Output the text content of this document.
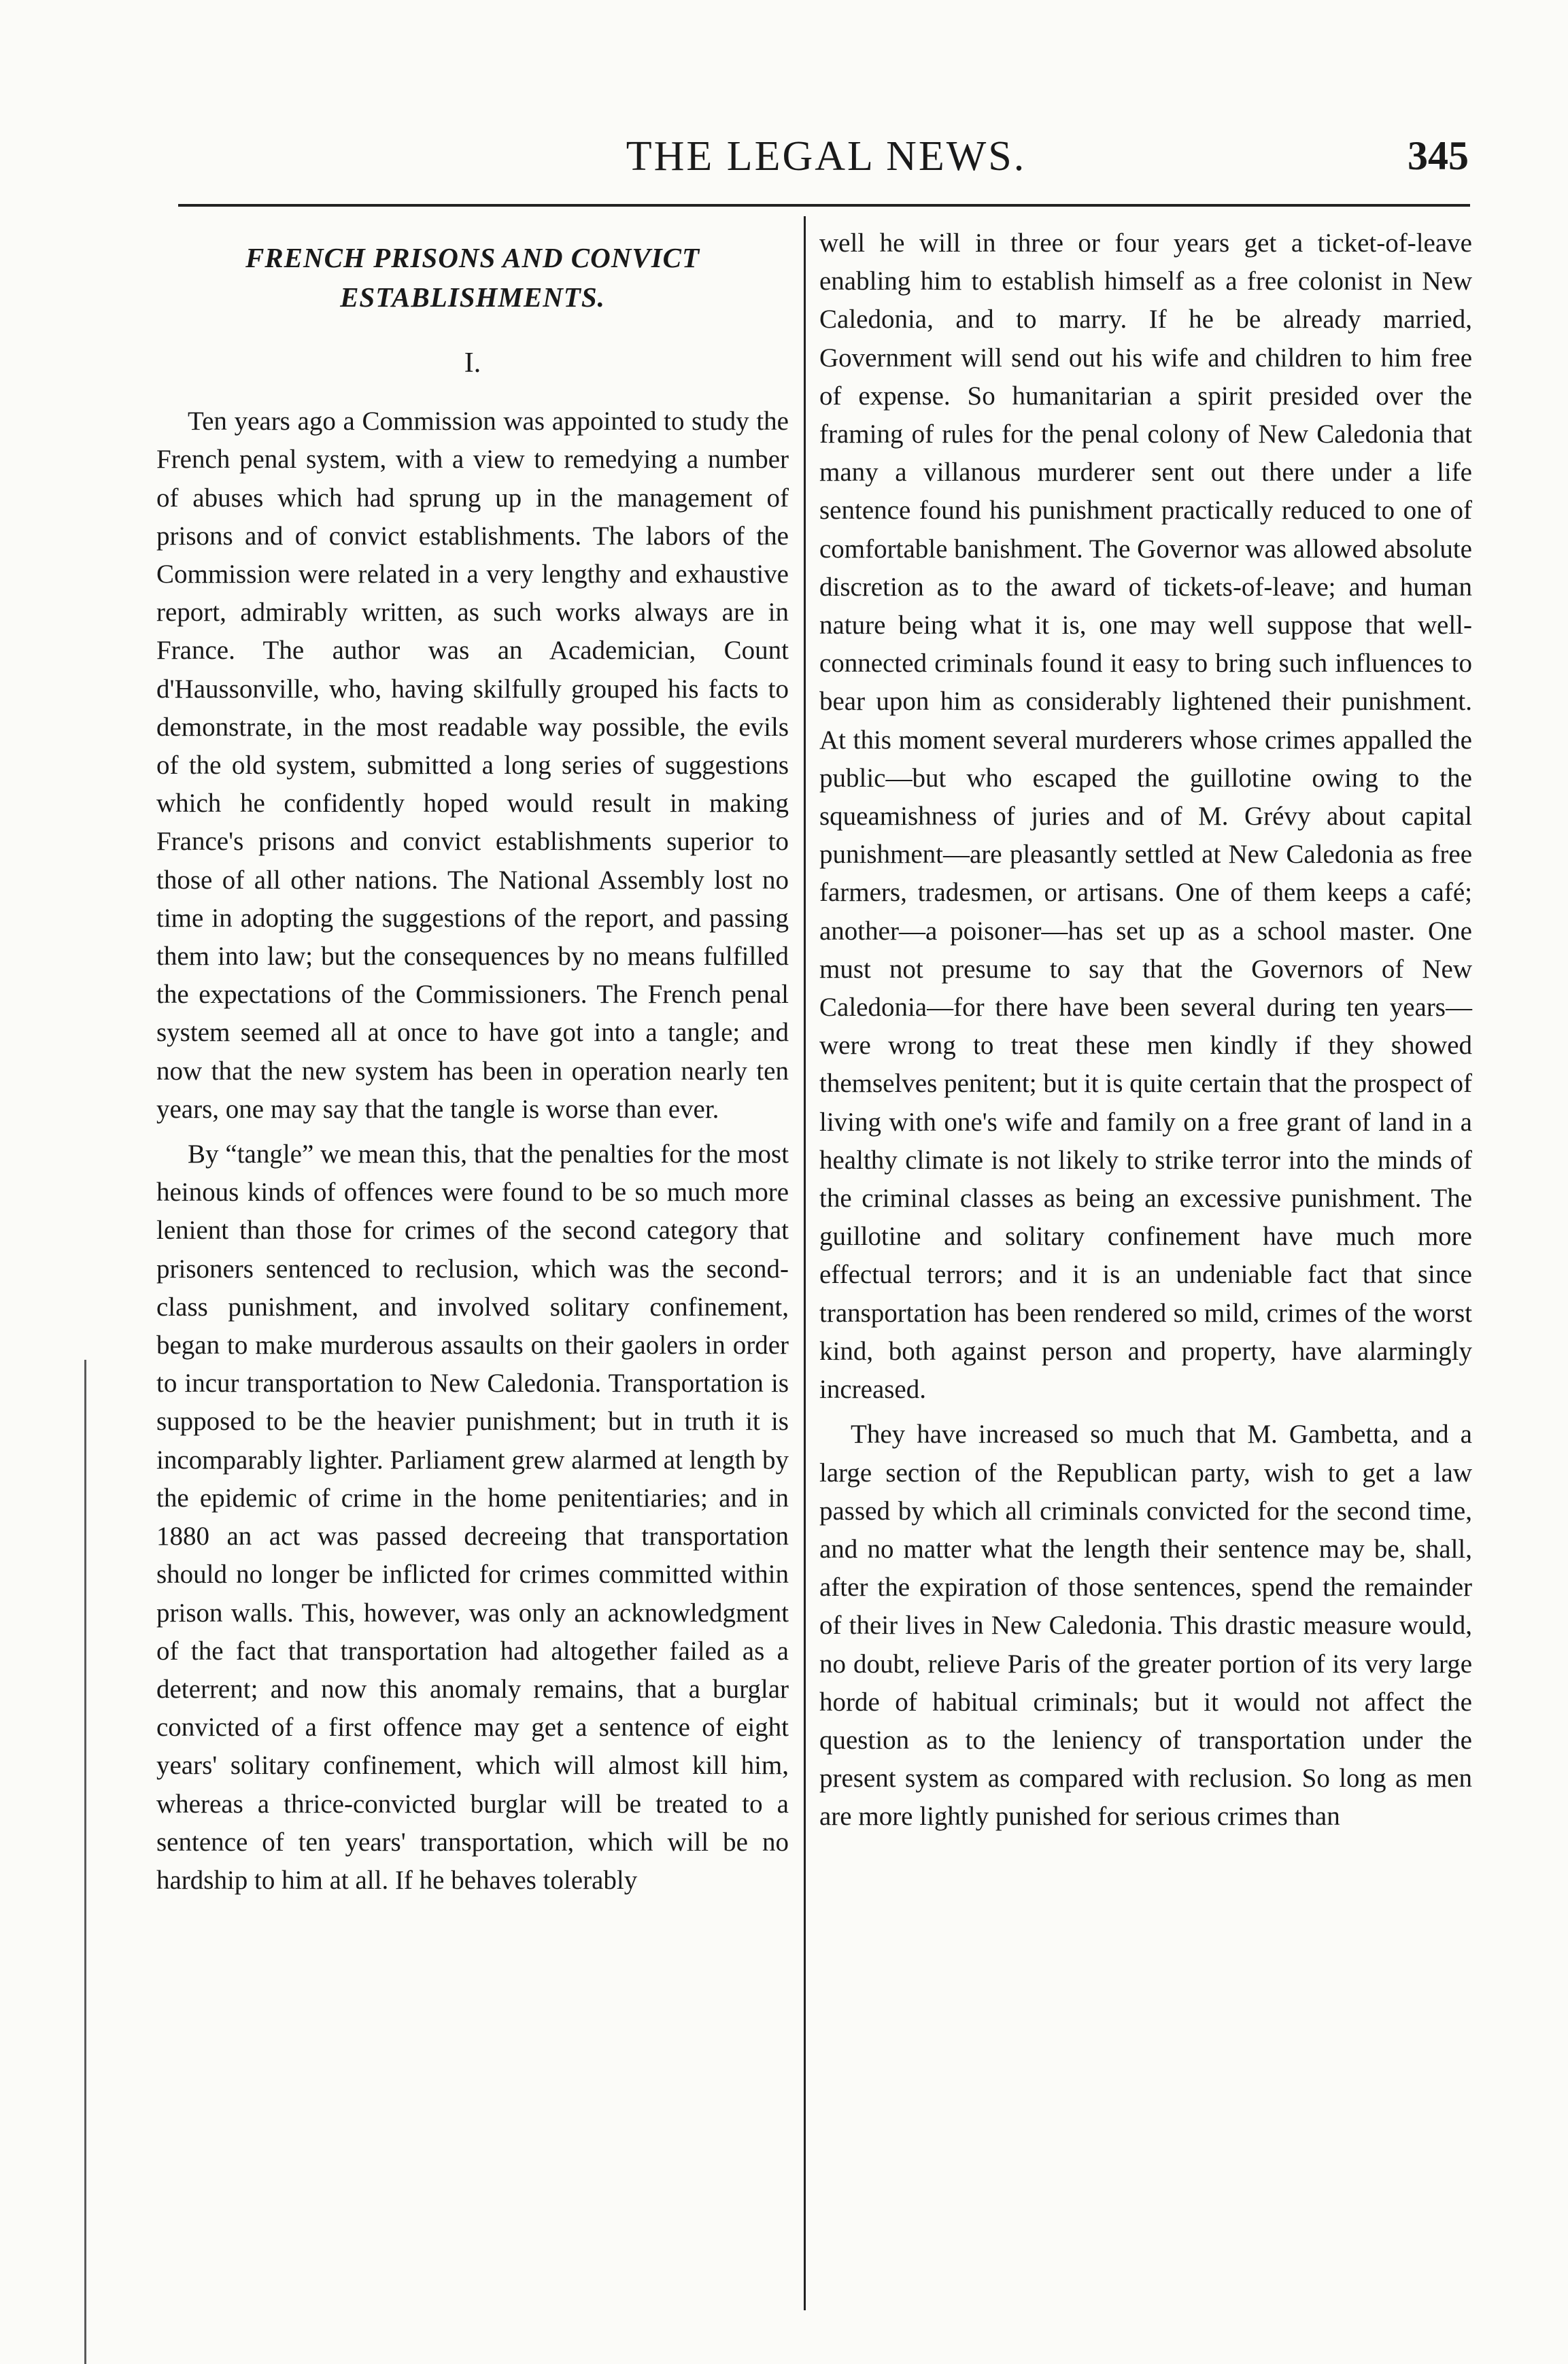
THE LEGAL NEWS.	345
FRENCH PRISONS AND CONVICT ESTABLISHMENTS.
I.

Ten years ago a Commission was appointed to study the French penal system, with a view to remedying a number of abuses which had sprung up in the management of prisons and of convict establishments. The labors of the Commission were related in a very lengthy and exhaustive report, admirably written, as such works always are in France. The author was an Academician, Count d'Haussonville, who, having skilfully grouped his facts to demonstrate, in the most readable way possible, the evils of the old system, submitted a long series of suggestions which he confidently hoped would result in making France's prisons and convict establishments superior to those of all other nations. The National Assembly lost no time in adopting the suggestions of the report, and passing them into law; but the consequences by no means fulfilled the expectations of the Commissioners. The French penal system seemed all at once to have got into a tangle; and now that the new system has been in operation nearly ten years, one may say that the tangle is worse than ever.

By “tangle” we mean this, that the penalties for the most heinous kinds of offences were found to be so much more lenient than those for crimes of the second category that prisoners sentenced to reclusion, which was the second-class punishment, and involved solitary confinement, began to make murderous assaults on their gaolers in order to incur transportation to New Caledonia. Transportation is supposed to be the heavier punishment; but in truth it is incomparably lighter. Parliament grew alarmed at length by the epidemic of crime in the home penitentiaries; and in 1880 an act was passed decreeing that transportation should no longer be inflicted for crimes committed within prison walls. This, however, was only an acknowledgment of the fact that transportation had altogether failed as a deterrent; and now this anomaly remains, that a burglar convicted of a first offence may get a sentence of eight years' solitary confinement, which will almost kill him, whereas a thrice-convicted burglar will be treated to a sentence of ten years' transportation, which will be no hardship to him at all. If he behaves tolerably

well he will in three or four years get a ticket-of-leave enabling him to establish himself as a free colonist in New Caledonia, and to marry. If he be already married, Government will send out his wife and children to him free of expense. So humanitarian a spirit presided over the framing of rules for the penal colony of New Caledonia that many a villanous murderer sent out there under a life sentence found his punishment practically reduced to one of comfortable banishment. The Governor was allowed absolute discretion as to the award of tickets-of-leave; and human nature being what it is, one may well suppose that well-connected criminals found it easy to bring such influences to bear upon him as considerably lightened their punishment. At this moment several murderers whose crimes appalled the public—but who escaped the guillotine owing to the squeamishness of juries and of M. Grévy about capital punishment—are pleasantly settled at New Caledonia as free farmers, tradesmen, or artisans. One of them keeps a café; another—a poisoner—has set up as a school master. One must not presume to say that the Governors of New Caledonia—for there have been several during ten years—were wrong to treat these men kindly if they showed themselves penitent; but it is quite certain that the prospect of living with one's wife and family on a free grant of land in a healthy climate is not likely to strike terror into the minds of the criminal classes as being an excessive punishment. The guillotine and solitary confinement have much more effectual terrors; and it is an undeniable fact that since transportation has been rendered so mild, crimes of the worst kind, both against person and property, have alarmingly increased.

They have increased so much that M. Gambetta, and a large section of the Republican party, wish to get a law passed by which all criminals convicted for the second time, and no matter what the length their sentence may be, shall, after the expiration of those sentences, spend the remainder of their lives in New Caledonia. This drastic measure would, no doubt, relieve Paris of the greater portion of its very large horde of habitual criminals; but it would not affect the question as to the leniency of transportation under the present system as compared with reclusion. So long as men are more lightly punished for serious crimes than
